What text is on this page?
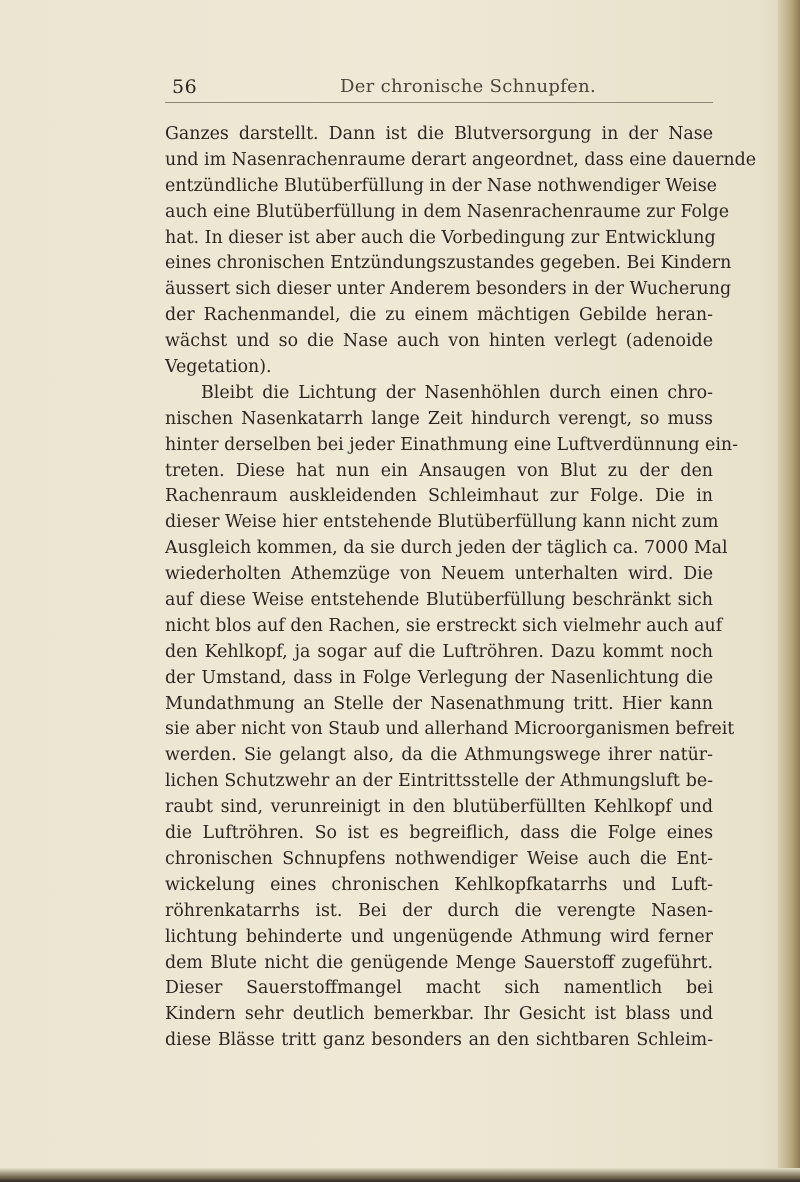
56	Der chronische Schnupfen.
Ganzes darstellt. Dann ist die Blutversorgung in der Nase
und im Nasenrachenraume derart angeordnet, dass eine dauernde
entzündliche Blutüberfüllung in der Nase nothwendiger Weise
auch eine Blutüberfüllung in dem Nasenrachenraume zur Folge
hat. In dieser ist aber auch die Vorbedingung zur Entwicklung
eines chronischen Entzündungszustandes gegeben. Bei Kindern
äussert sich dieser unter Anderem besonders in der Wucherung
der Rachenmandel, die zu einem mächtigen Gebilde heran-
wächst und so die Nase auch von hinten verlegt (adenoide
Vegetation).
Bleibt die Lichtung der Nasenhöhlen durch einen chro-
nischen Nasenkatarrh lange Zeit hindurch verengt, so muss
hinter derselben bei jeder Einathmung eine Luftverdünnung ein-
treten. Diese hat nun ein Ansaugen von Blut zu der den
Rachenraum auskleidenden Schleimhaut zur Folge. Die in
dieser Weise hier entstehende Blutüberfüllung kann nicht zum
Ausgleich kommen, da sie durch jeden der täglich ca. 7000 Mal
wiederholten Athemzüge von Neuem unterhalten wird. Die
auf diese Weise entstehende Blutüberfüllung beschränkt sich
nicht blos auf den Rachen, sie erstreckt sich vielmehr auch auf
den Kehlkopf, ja sogar auf die Luftröhren. Dazu kommt noch
der Umstand, dass in Folge Verlegung der Nasenlichtung die
Mundathmung an Stelle der Nasenathmung tritt. Hier kann
sie aber nicht von Staub und allerhand Microorganismen befreit
werden. Sie gelangt also, da die Athmungswege ihrer natür-
lichen Schutzwehr an der Eintrittsstelle der Athmungsluft be-
raubt sind, verunreinigt in den blutüberfüllten Kehlkopf und
die Luftröhren. So ist es begreiflich, dass die Folge eines
chronischen Schnupfens nothwendiger Weise auch die Ent-
wickelung eines chronischen Kehlkopfkatarrhs und Luft-
röhrenkatarrhs ist. Bei der durch die verengte Nasen-
lichtung behinderte und ungenügende Athmung wird ferner
dem Blute nicht die genügende Menge Sauerstoff zugeführt.
Dieser Sauerstoffmangel macht sich namentlich bei
Kindern sehr deutlich bemerkbar. Ihr Gesicht ist blass und
diese Blässe tritt ganz besonders an den sichtbaren Schleim-
